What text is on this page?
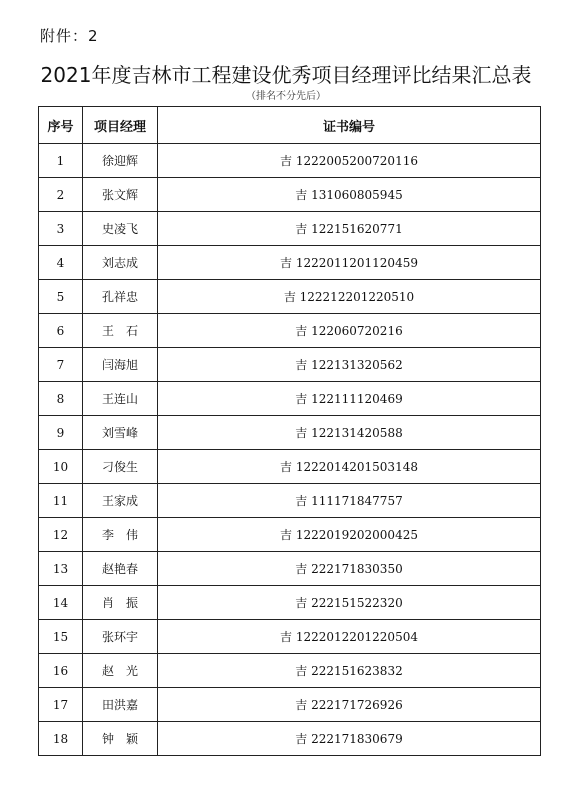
附件：2
2021年度吉林市工程建设优秀项目经理评比结果汇总表
（排名不分先后）
序号	项目经理	证书编号
1	徐迎辉	吉 1222005200720116
2	张文辉	吉 131060805945
3	史凌飞	吉 122151620771
4	刘志成	吉 1222011201120459
5	孔祥忠	吉 122212201220510
6	王　石	吉 122060720216
7	闫海旭	吉 122131320562
8	王连山	吉 122111120469
9	刘雪峰	吉 122131420588
10	刁俊生	吉 1222014201503148
11	王家成	吉 111171847757
12	李　伟	吉 1222019202000425
13	赵艳春	吉 222171830350
14	肖　振	吉 222151522320
15	张环宇	吉 1222012201220504
16	赵　光	吉 222151623832
17	田洪嘉	吉 222171726926
18	钟　颖	吉 222171830679
